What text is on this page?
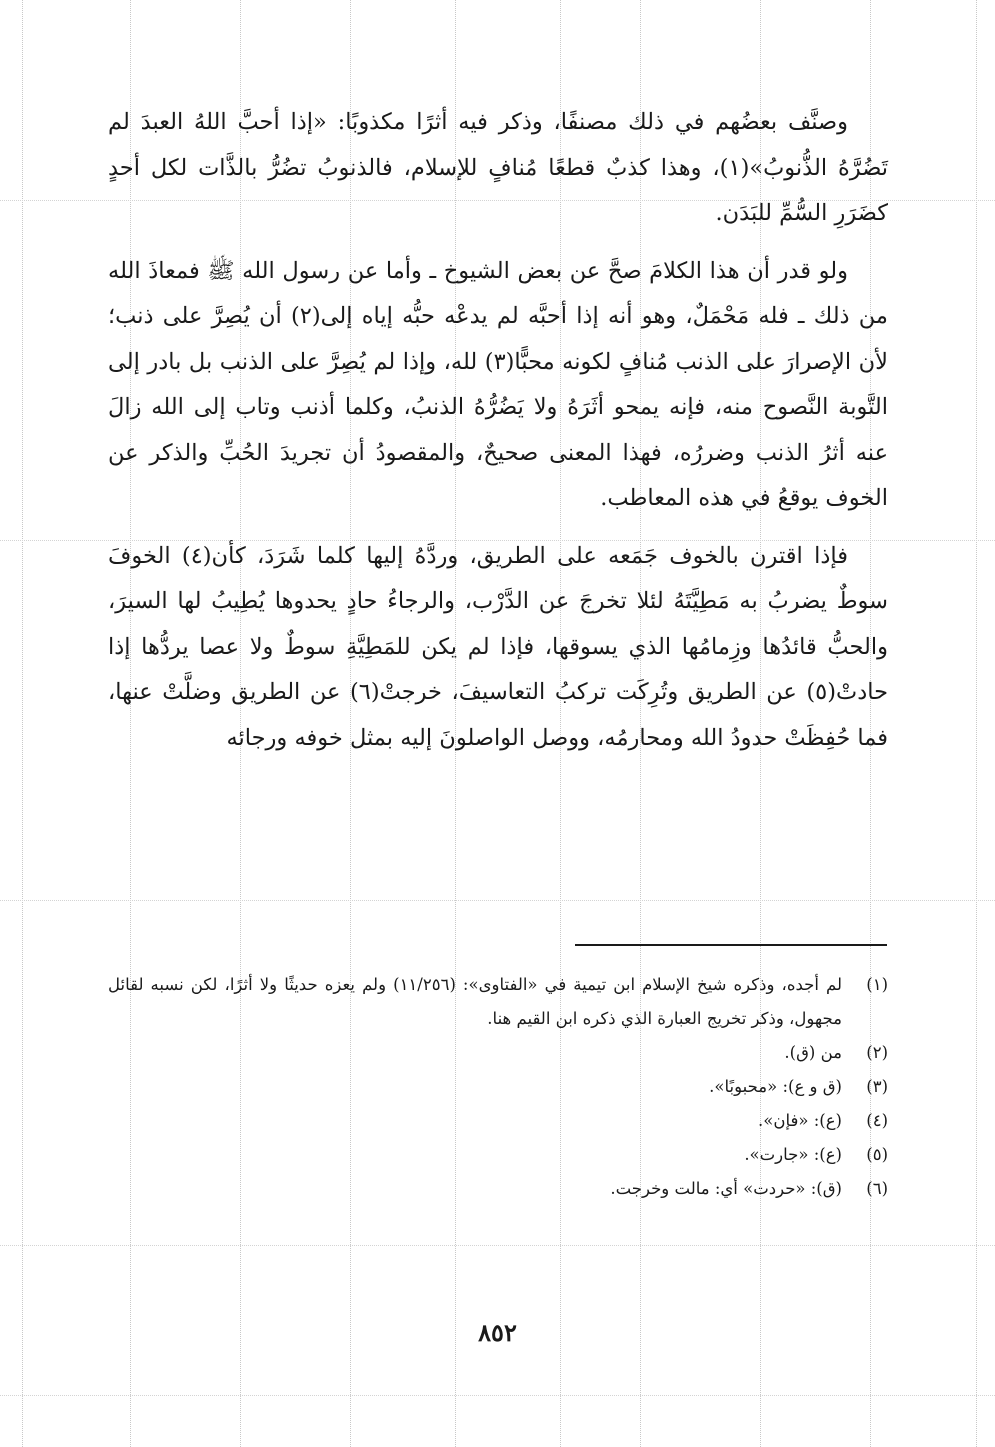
وصنَّف بعضُهم في ذلك مصنفًا، وذكر فيه أثرًا مكذوبًا: «إذا أحبَّ اللهُ العبدَ لم تَضُرَّهُ الذُّنوبُ»(١)، وهذا كذبٌ قطعًا مُنافٍ للإسلام، فالذنوبُ تضُرُّ بالذَّات لكل أحدٍ كضَرَرِ السُّمِّ للبَدَن.

ولو قدر أن هذا الكلامَ صحَّ عن بعض الشيوخ ـ وأما عن رسول الله ﷺ فمعاذَ الله من ذلك ـ فله مَحْمَلٌ، وهو أنه إذا أحبَّه لم يدعْه حبُّه إياه إلى(٢) أن يُصِرَّ على ذنب؛ لأن الإصرارَ على الذنب مُنافٍ لكونه محبًّا(٣) لله، وإذا لم يُصِرَّ على الذنب بل بادر إلى التَّوبة النَّصوح منه، فإنه يمحو أثَرَهُ ولا يَضُرُّهُ الذنبُ، وكلما أذنب وتاب إلى الله زالَ عنه أثرُ الذنب وضررُه، فهذا المعنى صحيحٌ، والمقصودُ أن تجريدَ الحُبِّ والذكر عن الخوف يوقعُ في هذه المعاطب.

فإذا اقترن بالخوف جَمَعه على الطريق، وردَّهُ إليها كلما شَرَدَ، كأن(٤) الخوفَ سوطٌ يضربُ به مَطِيَّتَهُ لئلا تخرجَ عن الدَّرْب، والرجاءُ حادٍ يحدوها يُطِيبُ لها السيرَ، والحبُّ قائدُها وزِمامُها الذي يسوقها، فإذا لم يكن للمَطِيَّةِ سوطٌ ولا عصا يردُّها إذا حادتْ(٥) عن الطريق وتُرِكَت تركبُ التعاسيفَ، خرجتْ(٦) عن الطريق وضلَّتْ عنها، فما حُفِظَتْ حدودُ الله ومحارمُه، ووصل الواصلونَ إليه بمثل خوفه ورجائه

(١)
لم أجده، وذكره شيخ الإسلام ابن تيمية في «الفتاوى»: (١١/٢٥٦) ولم يعزه حديثًا ولا أثرًا، لكن نسبه لقائل مجهول، وذكر تخريج العبارة الذي ذكره ابن القيم هنا.
(٢)
من (ق).
(٣)
(ق و ع): «محبوبًا».
(٤)
(ع): «فإن».
(٥)
(ع): «جارت».
(٦)
(ق): «حردت» أي: مالت وخرجت.
٨٥٢
